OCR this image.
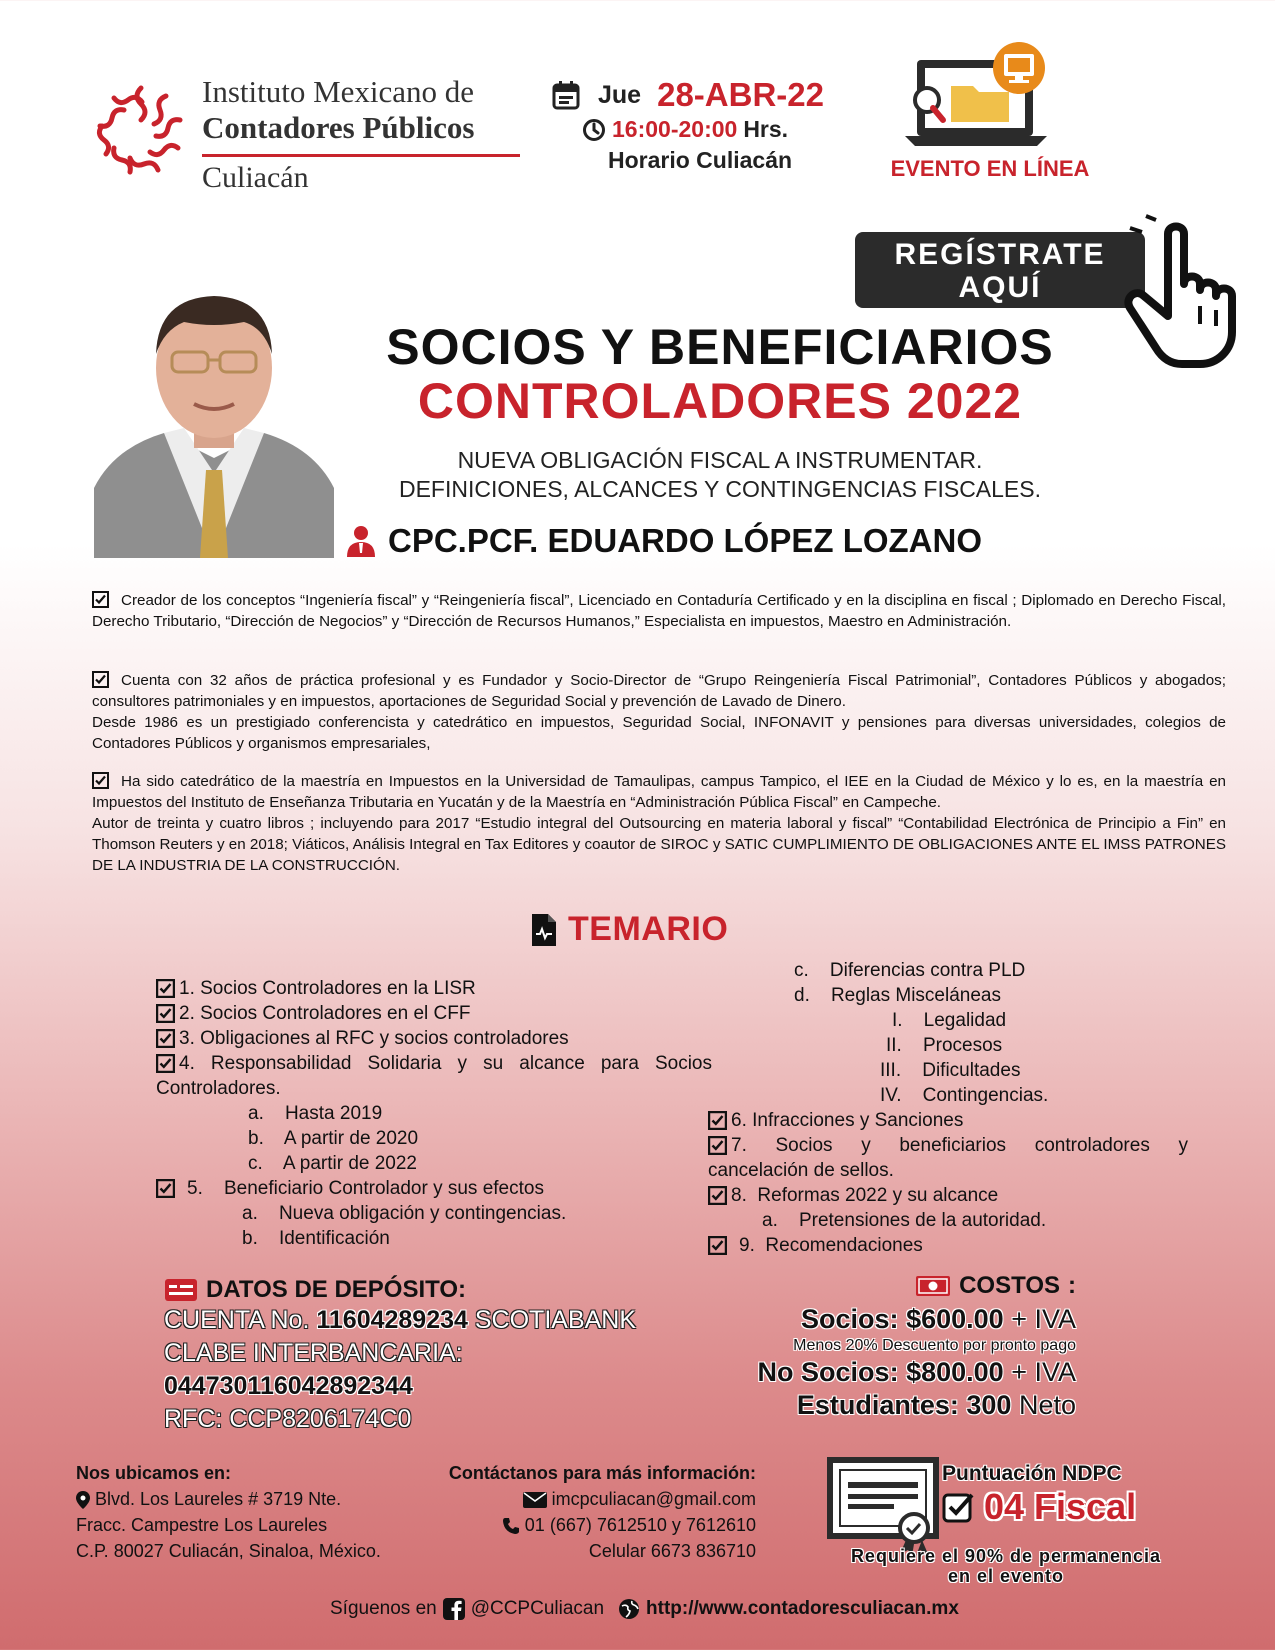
Instituto Mexicano de
Contadores Públicos
Culiacán
Jue 28-ABR-22
16:00-20:00 Hrs.
Horario Culiacán	EVENTO EN LÍNEA
REGÍSTRATE
AQUÍ
SOCIOS Y BENEFICIARIOS
CONTROLADORES 2022
NUEVA OBLIGACIÓN FISCAL A INSTRUMENTAR.
DEFINICIONES, ALCANCES Y CONTINGENCIAS FISCALES.
CPC.PCF. EDUARDO LÓPEZ LOZANO

Creador de los conceptos “Ingeniería fiscal” y “Reingeniería fiscal”, Licenciado en Contaduría Certificado y en la disciplina en fiscal ; Diplomado en Derecho Fiscal, Derecho Tributario, “Dirección de Negocios” y “Dirección de Recursos Humanos,” Especialista en impuestos, Maestro en Administración.

Cuenta con 32 años de práctica profesional y es Fundador y Socio-Director de “Grupo Reingeniería Fiscal Patrimonial”, Contadores Públicos y abogados; consultores patrimoniales y en impuestos, aportaciones de Seguridad Social y prevención de Lavado de Dinero.

Desde 1986 es un prestigiado conferencista y catedrático en impuestos, Seguridad Social, INFONAVIT y pensiones para diversas universidades, colegios de Contadores Públicos y organismos empresariales,

Ha sido catedrático de la maestría en Impuestos en la Universidad de Tamaulipas, campus Tampico, el IEE en la Ciudad de México y lo es, en la maestría en Impuestos del Instituto de Enseñanza Tributaria en Yucatán y de la Maestría en “Administración Pública Fiscal” en Campeche.

Autor de treinta y cuatro libros ; incluyendo para 2017 “Estudio integral del Outsourcing en materia laboral y fiscal” “Contabilidad Electrónica de Principio a Fin” en Thomson Reuters y en 2018; Viáticos, Análisis Integral en Tax Editores y coautor de SIROC y SATIC CUMPLIMIENTO DE OBLIGACIONES ANTE EL IMSS PATRONES DE LA INDUSTRIA DE LA CONSTRUCCIÓN.

TEMARIO
1. Socios Controladores en la LISR
2. Socios Controladores en el CFF
3. Obligaciones al RFC y socios controladores
4.  Responsabilidad  Solidaria  y  su  alcance  para  Socios
Controladores.
a.    Hasta 2019
b.    A partir de 2020
c.    A partir de 2022
5.    Beneficiario Controlador y sus efectos
a.    Nueva obligación y contingencias.
b.    Identificación
c.    Diferencias contra PLD
d.    Reglas Misceláneas
I.    Legalidad
II.    Procesos
III.    Dificultades
IV.    Contingencias.
6. Infracciones y Sanciones
7.  Socios  y  beneficiarios  controladores  y
cancelación de sellos.
8.  Reformas 2022 y su alcance
a.    Pretensiones de la autoridad.
9.  Recomendaciones
DATOS DE DEPÓSITO:
CUENTA No. 11604289234 SCOTIABANK
CLABE INTERBANCARIA:
044730116042892344
RFC: CCP8206174C0
COSTOS :
Socios: $600.00 + IVA
Menos 20% Descuento por pronto pago
No Socios: $800.00 + IVA
Estudiantes: 300 Neto
Nos ubicamos en:
Blvd. Los Laureles # 3719 Nte.
Fracc. Campestre Los Laureles
C.P. 80027 Culiacán, Sinaloa, México.
Contáctanos para más información:
imcpculiacan@gmail.com
01 (667) 7612510 y 7612610
Celular 6673 836710
Puntuación NDPC
04 Fiscal
Requiere el 90% de permanencia
en el evento
Síguenos en @CCPCuliacan http://www.contadoresculiacan.mx
